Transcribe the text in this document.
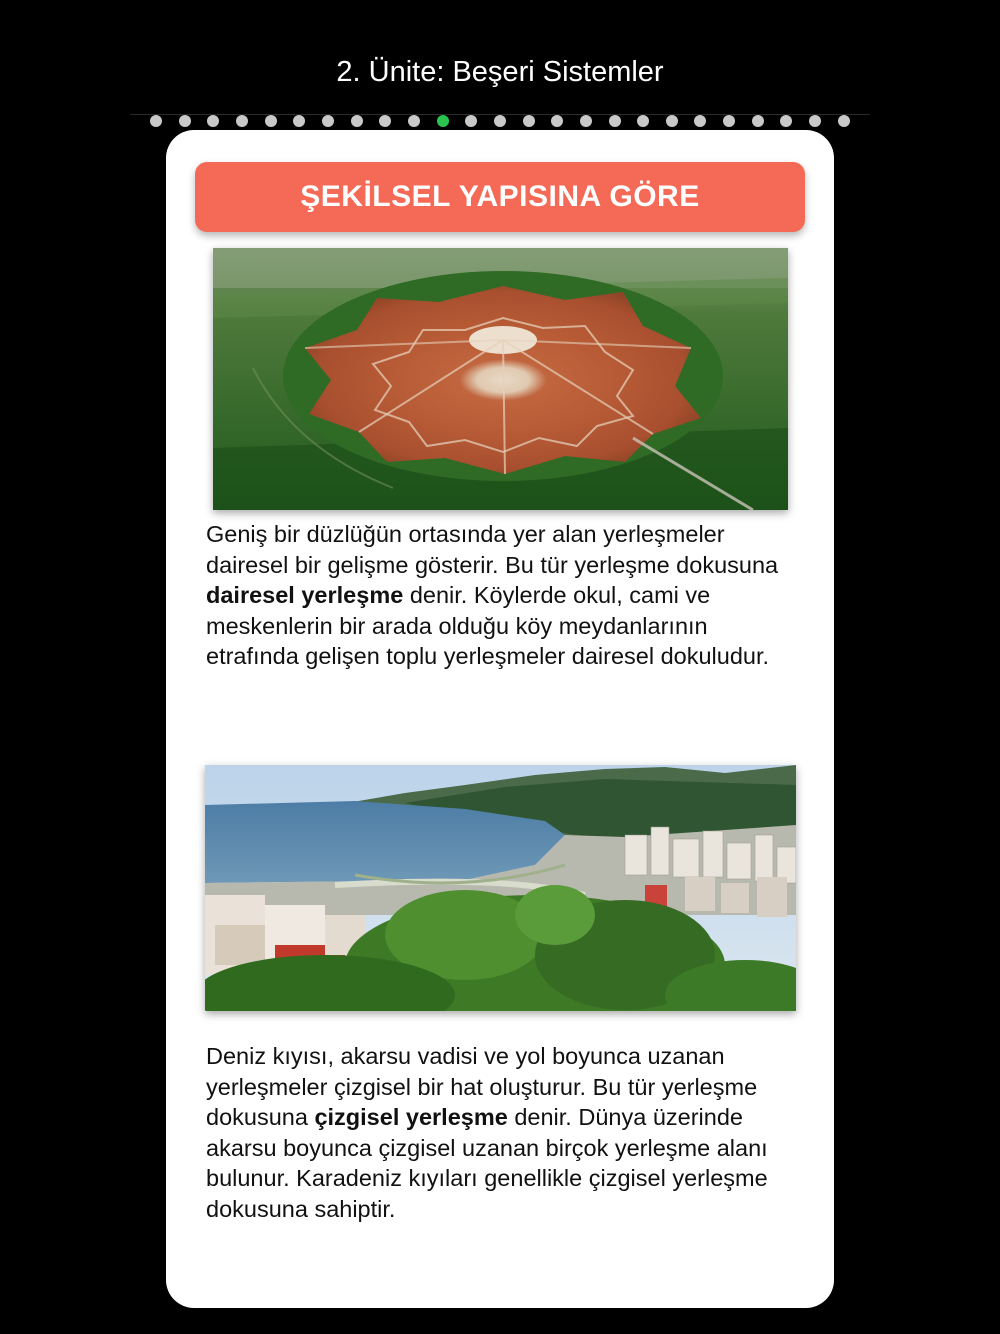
2. Ünite: Beşeri Sistemler
ŞEKİLSEL YAPISINA GÖRE

Geniş bir düzlüğün ortasında yer alan yerleşmeler dairesel bir gelişme gösterir. Bu tür yerleşme dokusuna dairesel yerleşme denir. Köylerde okul, cami ve meskenlerin bir arada olduğu köy meydanlarının etrafında gelişen toplu yerleşmeler dairesel dokuludur.

Deniz kıyısı, akarsu vadisi ve yol boyunca uzanan yerleşmeler çizgisel bir hat oluşturur. Bu tür yerleşme dokusuna çizgisel yerleşme denir. Dünya üzerinde akarsu boyunca çizgisel uzanan birçok yerleşme alanı bulunur. Karadeniz kıyıları genellikle çizgisel yerleşme dokusuna sahiptir.
